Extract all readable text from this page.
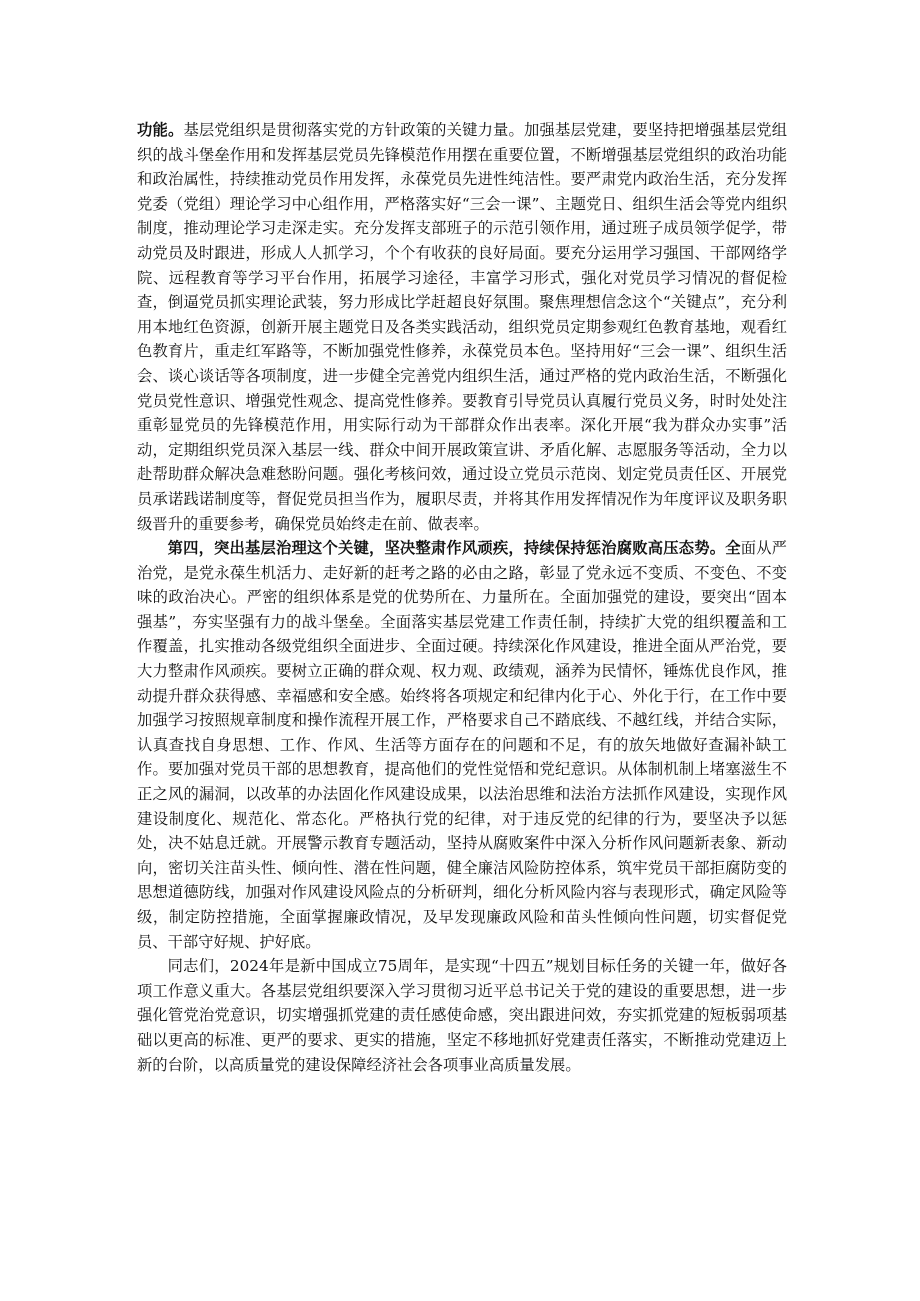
功能。基层党组织是贯彻落实党的方针政策的关键力量。加强基层党建，要坚持把增强基层党组织的战斗堡垒作用和发挥基层党员先锋模范作用摆在重要位置，不断增强基层党组织的政治功能和政治属性，持续推动党员作用发挥，永葆党员先进性纯洁性。要严肃党内政治生活，充分发挥党委（党组）理论学习中心组作用，严格落实好“三会一课”、主题党日、组织生活会等党内组织制度，推动理论学习走深走实。充分发挥支部班子的示范引领作用，通过班子成员领学促学，带动党员及时跟进，形成人人抓学习，个个有收获的良好局面。要充分运用学习强国、干部网络学院、远程教育等学习平台作用，拓展学习途径，丰富学习形式，强化对党员学习情况的督促检查，倒逼党员抓实理论武装，努力形成比学赶超良好氛围。聚焦理想信念这个“关键点”，充分利用本地红色资源，创新开展主题党日及各类实践活动，组织党员定期参观红色教育基地，观看红色教育片，重走红军路等，不断加强党性修养，永葆党员本色。坚持用好“三会一课”、组织生活会、谈心谈话等各项制度，进一步健全完善党内组织生活，通过严格的党内政治生活，不断强化党员党性意识、增强党性观念、提高党性修养。要教育引导党员认真履行党员义务，时时处处注重彰显党员的先锋模范作用，用实际行动为干部群众作出表率。深化开展“我为群众办实事”活动，定期组织党员深入基层一线、群众中间开展政策宣讲、矛盾化解、志愿服务等活动，全力以赴帮助群众解决急难愁盼问题。强化考核问效，通过设立党员示范岗、划定党员责任区、开展党员承诺践诺制度等，督促党员担当作为，履职尽责，并将其作用发挥情况作为年度评议及职务职级晋升的重要参考，确保党员始终走在前、做表率。

第四，突出基层治理这个关键，坚决整肃作风顽疾，持续保持惩治腐败高压态势。全面从严治党，是党永葆生机活力、走好新的赶考之路的必由之路，彰显了党永远不变质、不变色、不变味的政治决心。严密的组织体系是党的优势所在、力量所在。全面加强党的建设，要突出“固本强基”，夯实坚强有力的战斗堡垒。全面落实基层党建工作责任制，持续扩大党的组织覆盖和工作覆盖，扎实推动各级党组织全面进步、全面过硬。持续深化作风建设，推进全面从严治党，要大力整肃作风顽疾。要树立正确的群众观、权力观、政绩观，涵养为民情怀，锤炼优良作风，推动提升群众获得感、幸福感和安全感。始终将各项规定和纪律内化于心、外化于行，在工作中要加强学习按照规章制度和操作流程开展工作，严格要求自己不踏底线、不越红线，并结合实际，认真查找自身思想、工作、作风、生活等方面存在的问题和不足，有的放矢地做好查漏补缺工作。要加强对党员干部的思想教育，提高他们的党性觉悟和党纪意识。从体制机制上堵塞滋生不正之风的漏洞，以改革的办法固化作风建设成果，以法治思维和法治方法抓作风建设，实现作风建设制度化、规范化、常态化。严格执行党的纪律，对于违反党的纪律的行为，要坚决予以惩处，决不姑息迁就。开展警示教育专题活动，坚持从腐败案件中深入分析作风问题新表象、新动向，密切关注苗头性、倾向性、潜在性问题，健全廉洁风险防控体系，筑牢党员干部拒腐防变的思想道德防线，加强对作风建设风险点的分析研判，细化分析风险内容与表现形式，确定风险等级，制定防控措施，全面掌握廉政情况，及早发现廉政风险和苗头性倾向性问题，切实督促党员、干部守好规、护好底。

同志们，2024年是新中国成立75周年，是实现“十四五”规划目标任务的关键一年，做好各项工作意义重大。各基层党组织要深入学习贯彻习近平总书记关于党的建设的重要思想，进一步强化管党治党意识，切实增强抓党建的责任感使命感，突出跟进问效，夯实抓党建的短板弱项基础以更高的标准、更严的要求、更实的措施，坚定不移地抓好党建责任落实，不断推动党建迈上新的台阶，以高质量党的建设保障经济社会各项事业高质量发展。
